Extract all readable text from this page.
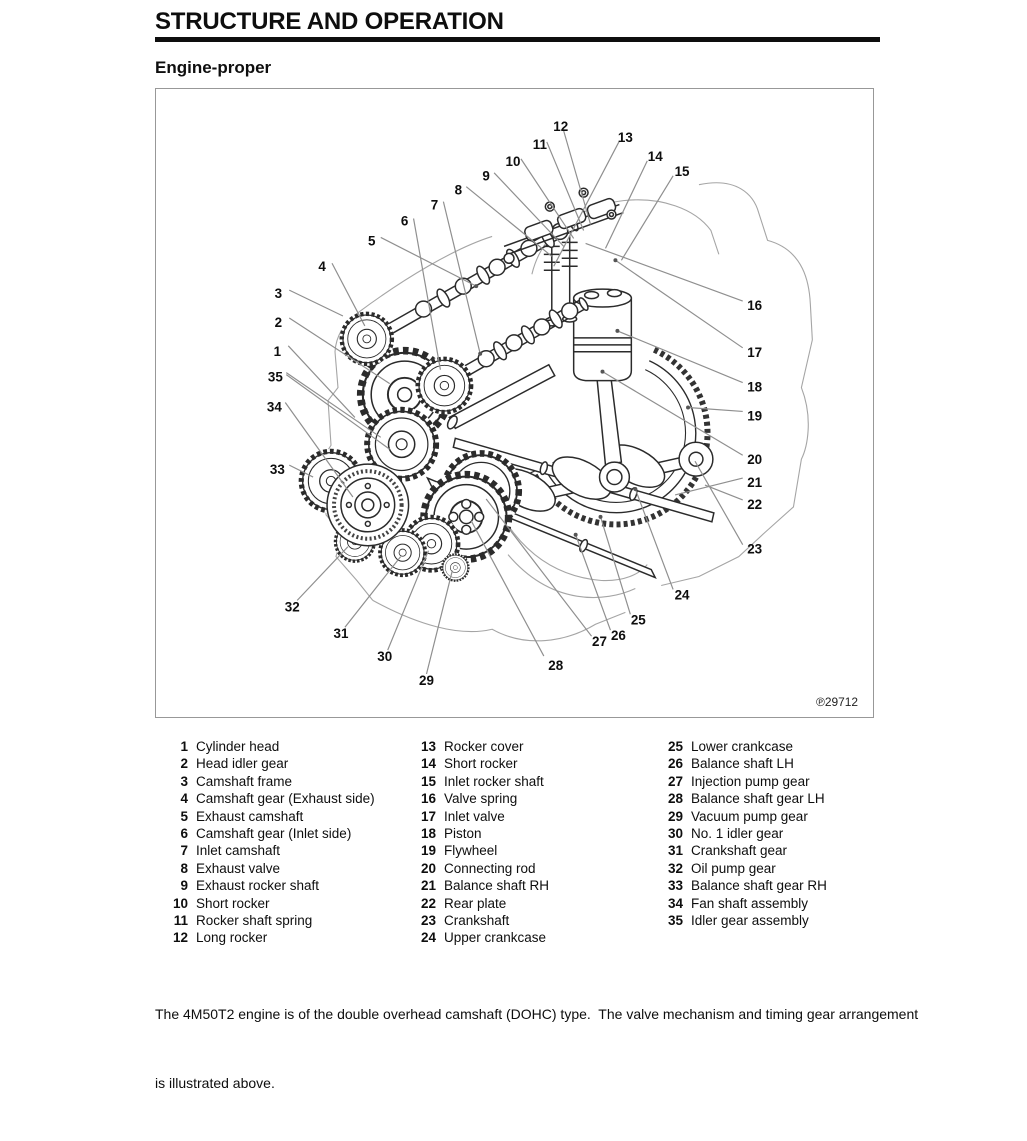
STRUCTURE AND OPERATION
Engine-proper
1
2
3
4
5
6
7
8
9
10
11
12
13
14
15
16
17
18
19
20
21
22
23
24
25
26
27
28
29
30
31
32
33
34
35
℗29712
1 Cylinder head
2 Head idler gear
3 Camshaft frame
4 Camshaft gear (Exhaust side)
5 Exhaust camshaft
6 Camshaft gear (Inlet side)
7 Inlet camshaft
8 Exhaust valve
9 Exhaust rocker shaft
10 Short rocker
11 Rocker shaft spring
12 Long rocker
13 Rocker cover
14 Short rocker
15 Inlet rocker shaft
16 Valve spring
17 Inlet valve
18 Piston
19 Flywheel
20 Connecting rod
21 Balance shaft RH
22 Rear plate
23 Crankshaft
24 Upper crankcase
25 Lower crankcase
26 Balance shaft LH
27 Injection pump gear
28 Balance shaft gear LH
29 Vacuum pump gear
30 No. 1 idler gear
31 Crankshaft gear
32 Oil pump gear
33 Balance shaft gear RH
34 Fan shaft assembly
35 Idler gear assembly

The 4M50T2 engine is of the double overhead camshaft (DOHC) type.  The valve mechanism and timing gear arrangement

is illustrated above.
